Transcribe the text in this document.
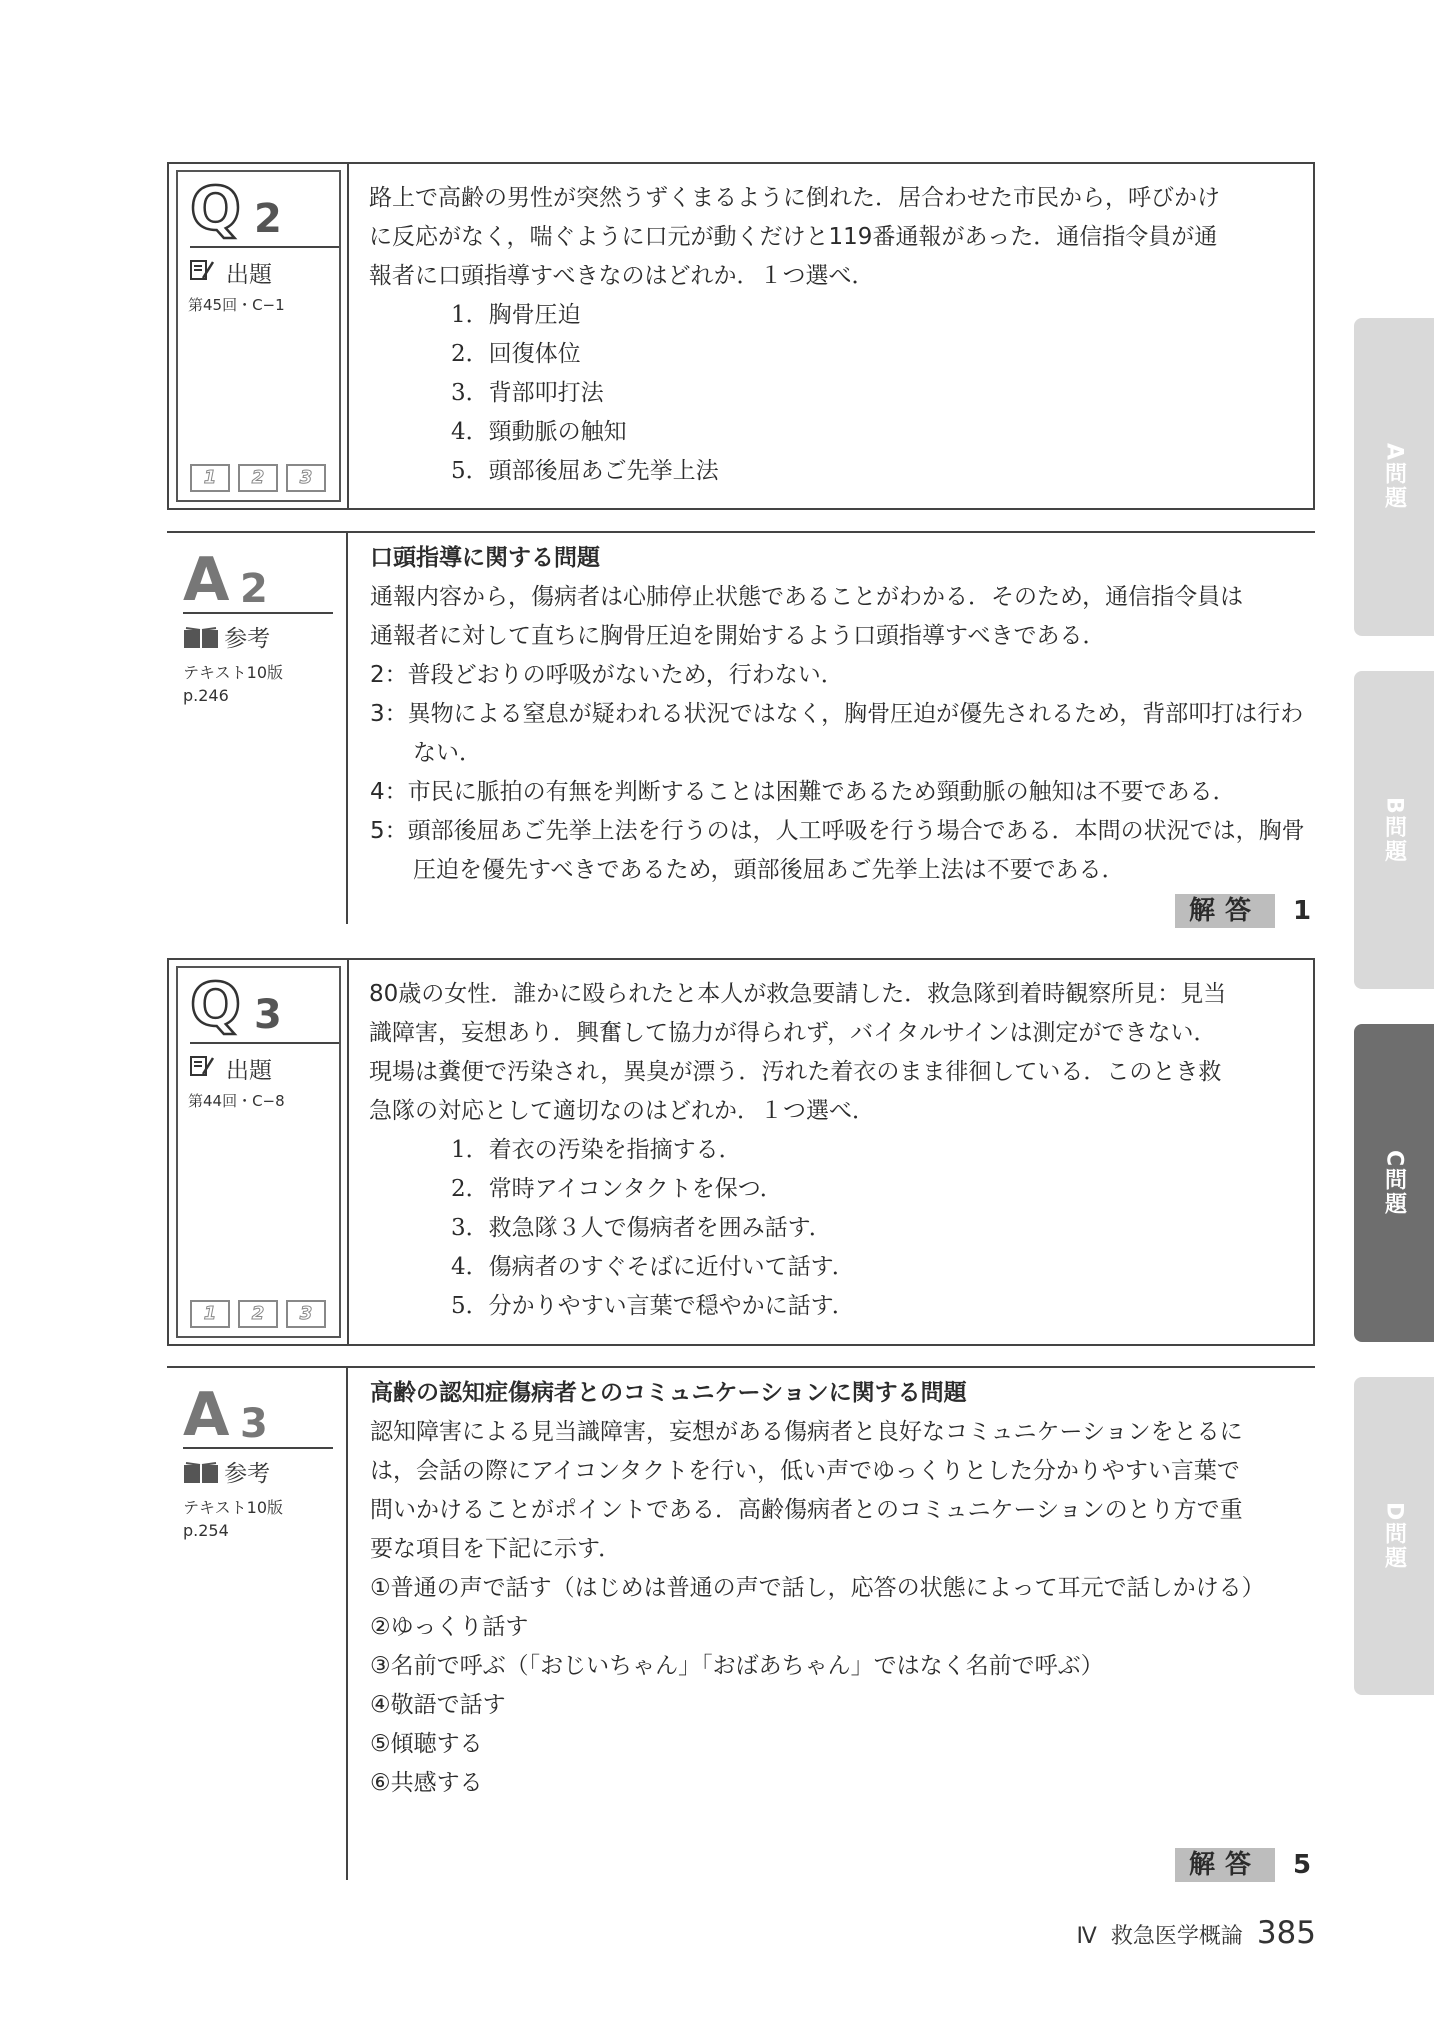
Q 2
出題
第45回・C−1
1	2	3

路上で高齢の男性が突然うずくまるように倒れた．居合わせた市民から，呼びかけ

に反応がなく，喘ぐように口元が動くだけと119番通報があった．通信指令員が通

報者に口頭指導すべきなのはどれか．１つ選べ．

1．胸骨圧迫
2．回復体位
3．背部叩打法
4．頸動脈の触知
5．頭部後屈あご先挙上法
A 2
参考
テキスト10版
p.246

口頭指導に関する問題

通報内容から，傷病者は心肺停止状態であることがわかる．そのため，通信指令員は

通報者に対して直ちに胸骨圧迫を開始するよう口頭指導すべきである．

2：普段どおりの呼吸がないため，行わない．

3：異物による窒息が疑われる状況ではなく，胸骨圧迫が優先されるため，背部叩打は行わない．

4：市民に脈拍の有無を判断することは困難であるため頸動脈の触知は不要である．

5：頭部後屈あご先挙上法を行うのは，人工呼吸を行う場合である．本問の状況では，胸骨圧迫を優先すべきであるため，頭部後屈あご先挙上法は不要である．

解答	1
Q 3
出題
第44回・C−8
1	2	3

80歳の女性．誰かに殴られたと本人が救急要請した．救急隊到着時観察所見：見当

識障害，妄想あり．興奮して協力が得られず，バイタルサインは測定ができない．

現場は糞便で汚染され，異臭が漂う．汚れた着衣のまま徘徊している．このとき救

急隊の対応として適切なのはどれか．１つ選べ．

1．着衣の汚染を指摘する．
2．常時アイコンタクトを保つ．
3．救急隊３人で傷病者を囲み話す．
4．傷病者のすぐそばに近付いて話す．
5．分かりやすい言葉で穏やかに話す．
A 3
参考
テキスト10版
p.254

高齢の認知症傷病者とのコミュニケーションに関する問題

認知障害による見当識障害，妄想がある傷病者と良好なコミュニケーションをとるに

は，会話の際にアイコンタクトを行い，低い声でゆっくりとした分かりやすい言葉で

問いかけることがポイントである．高齢傷病者とのコミュニケーションのとり方で重

要な項目を下記に示す．

①普通の声で話す（はじめは普通の声で話し，応答の状態によって耳元で話しかける）

②ゆっくり話す

③名前で呼ぶ（「おじいちゃん」「おばあちゃん」ではなく名前で呼ぶ）

④敬語で話す

⑤傾聴する

⑥共感する

解答	5
A問題
B問題
C問題
D問題
Ⅳ 救急医学概論 385
